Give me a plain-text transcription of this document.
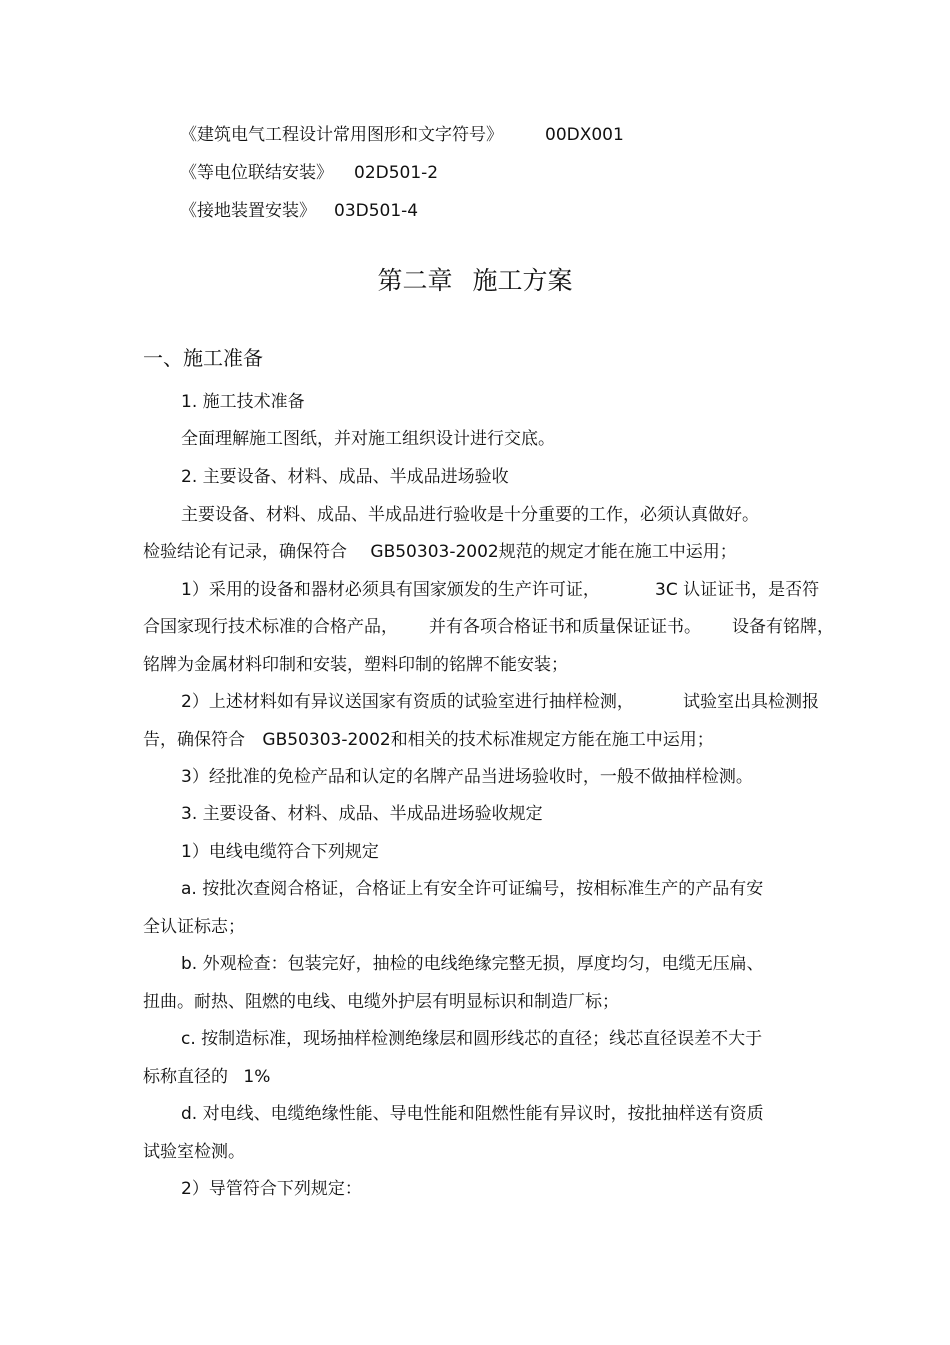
《建筑电气工程设计常用图形和文字符号》 00DX001
《等电位联结安装》 02D501-2
《接地装置安装》 03D501-4
第二章 施工方案
一、施工准备
1. 施工技术准备
全面理解施工图纸，并对施工组织设计进行交底。
2. 主要设备、材料、成品、半成品进场验收
主要设备、材料、成品、半成品进行验收是十分重要的工作，必须认真做好。
检验结论有记录，确保符合 GB50303-2002规范的规定才能在施工中运用；
1）采用的设备和器材必须具有国家颁发的生产许可证，	3C 认证证书，是否符
合国家现行技术标准的合格产品， 并有各项合格证书和质量保证证书。 设备有铭牌，
铭牌为金属材料印制和安装，塑料印制的铭牌不能安装；
2）上述材料如有异议送国家有资质的试验室进行抽样检测，	试验室出具检测报
告，确保符合 GB50303-2002和相关的技术标准规定方能在施工中运用；
3）经批准的免检产品和认定的名牌产品当进场验收时，一般不做抽样检测。
3. 主要设备、材料、成品、半成品进场验收规定
1）电线电缆符合下列规定
a. 按批次查阅合格证，合格证上有安全许可证编号，按相标准生产的产品有安
全认证标志；
b. 外观检查：包装完好，抽检的电线绝缘完整无损，厚度均匀，电缆无压扁、
扭曲。耐热、阻燃的电线、电缆外护层有明显标识和制造厂标；
c. 按制造标准，现场抽样检测绝缘层和圆形线芯的直径；线芯直径误差不大于
标称直径的 1%
d. 对电线、电缆绝缘性能、导电性能和阻燃性能有异议时，按批抽样送有资质
试验室检测。
2）导管符合下列规定：
